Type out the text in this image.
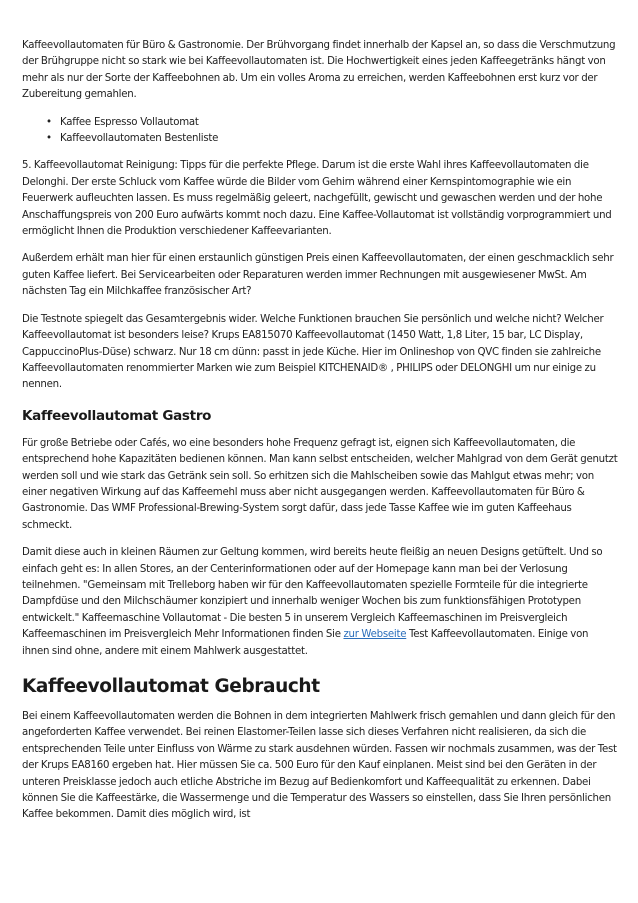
Kaffeevollautomaten für Büro & Gastronomie. Der Brühvorgang findet innerhalb der Kapsel an, so dass die Verschmutzung der Brühgruppe nicht so stark wie bei Kaffeevollautomaten ist. Die Hochwertigkeit eines jeden Kaffeegetränks hängt von mehr als nur der Sorte der Kaffeebohnen ab. Um ein volles Aroma zu erreichen, werden Kaffeebohnen erst kurz vor der Zubereitung gemahlen.

• Kaffee Espresso Vollautomat
• Kaffeevollautomaten Bestenliste

5. Kaffeevollautomat Reinigung: Tipps für die perfekte Pflege. Darum ist die erste Wahl ihres Kaffeevollautomaten die Delonghi. Der erste Schluck vom Kaffee würde die Bilder vom Gehirn während einer Kernspintomographie wie ein Feuerwerk aufleuchten lassen. Es muss regelmäßig geleert, nachgefüllt, gewischt und gewaschen werden und der hohe Anschaffungspreis von 200 Euro aufwärts kommt noch dazu. Eine Kaffee-Vollautomat ist vollständig vorprogrammiert und ermöglicht Ihnen die Produktion verschiedener Kaffeevarianten.

Außerdem erhält man hier für einen erstaunlich günstigen Preis einen Kaffeevollautomaten, der einen geschmacklich sehr guten Kaffee liefert. Bei Servicearbeiten oder Reparaturen werden immer Rechnungen mit ausgewiesener MwSt. Am nächsten Tag ein Milchkaffee französischer Art?

Die Testnote spiegelt das Gesamtergebnis wider. Welche Funktionen brauchen Sie persönlich und welche nicht? Welcher Kaffeevollautomat ist besonders leise? Krups EA815070 Kaffeevollautomat (1450 Watt, 1,8 Liter, 15 bar, LC Display, CappuccinoPlus-Düse) schwarz. Nur 18 cm dünn: passt in jede Küche. Hier im Onlineshop von QVC finden sie zahlreiche Kaffeevollautomaten renommierter Marken wie zum Beispiel KITCHENAID® , PHILIPS oder DELONGHI um nur einige zu nennen.

Kaffeevollautomat Gastro

Für große Betriebe oder Cafés, wo eine besonders hohe Frequenz gefragt ist, eignen sich Kaffeevollautomaten, die entsprechend hohe Kapazitäten bedienen können. Man kann selbst entscheiden, welcher Mahlgrad von dem Gerät genutzt werden soll und wie stark das Getränk sein soll. So erhitzen sich die Mahlscheiben sowie das Mahlgut etwas mehr; von einer negativen Wirkung auf das Kaffeemehl muss aber nicht ausgegangen werden. Kaffeevollautomaten für Büro & Gastronomie. Das WMF Professional-Brewing-System sorgt dafür, dass jede Tasse Kaffee wie im guten Kaffeehaus schmeckt.

Damit diese auch in kleinen Räumen zur Geltung kommen, wird bereits heute fleißig an neuen Designs getüftelt. Und so einfach geht es: In allen Stores, an der Centerinformationen oder auf der Homepage kann man bei der Verlosung teilnehmen. "Gemeinsam mit Trelleborg haben wir für den Kaffeevollautomaten spezielle Formteile für die integrierte Dampfdüse und den Milchschäumer konzipiert und innerhalb weniger Wochen bis zum funktionsfähigen Prototypen entwickelt." Kaffeemaschine Vollautomat - Die besten 5 in unserem Vergleich Kaffeemaschinen im Preisvergleich Kaffeemaschinen im Preisvergleich Mehr Informationen finden Sie zur Webseite Test Kaffeevollautomaten. Einige von ihnen sind ohne, andere mit einem Mahlwerk ausgestattet.

Kaffeevollautomat Gebraucht

Bei einem Kaffeevollautomaten werden die Bohnen in dem integrierten Mahlwerk frisch gemahlen und dann gleich für den angeforderten Kaffee verwendet. Bei reinen Elastomer-Teilen lasse sich dieses Verfahren nicht realisieren, da sich die entsprechenden Teile unter Einfluss von Wärme zu stark ausdehnen würden. Fassen wir nochmals zusammen, was der Test der Krups EA8160 ergeben hat. Hier müssen Sie ca. 500 Euro für den Kauf einplanen. Meist sind bei den Geräten in der unteren Preisklasse jedoch auch etliche Abstriche im Bezug auf Bedienkomfort und Kaffeequalität zu erkennen. Dabei können Sie die Kaffeestärke, die Wassermenge und die Temperatur des Wassers so einstellen, dass Sie Ihren persönlichen Kaffee bekommen. Damit dies möglich wird, ist
